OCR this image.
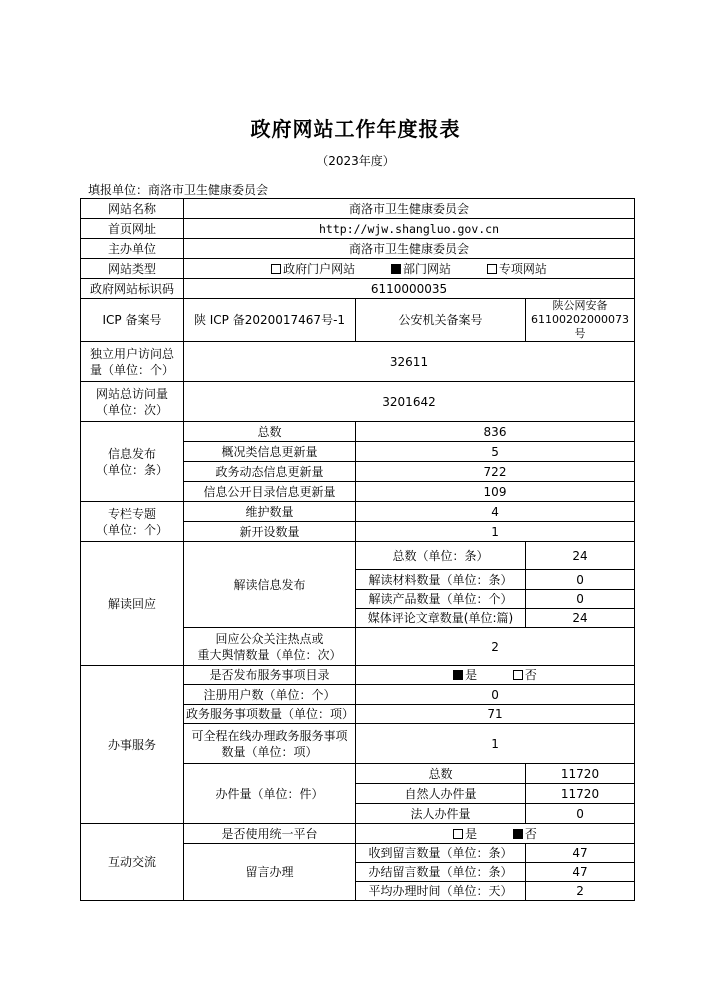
政府网站工作年度报表
（2023年度）
填报单位：商洛市卫生健康委员会
网站名称	商洛市卫生健康委员会		
首页网址	http://wjw.shangluo.gov.cn		
主办单位	商洛市卫生健康委员会		
网站类型	政府门户网站 部门网站 专项网站		
政府网站标识码	6110000035		
ICP 备案号	陕 ICP 备2020017467号-1	公安机关备案号	陕公网安备
61100202000073号
独立用户访问总
量（单位：个）	32611		
网站总访问量
（单位：次）	3201642		
信息发布
（单位：条）	总数	836	
	概况类信息更新量	5	
	政务动态信息更新量	722	
	信息公开目录信息更新量	109	
专栏专题
（单位：个）	维护数量	4	
	新开设数量	1	
解读回应	解读信息发布	总数（单位：条）	24
		解读材料数量（单位：条）	0
		解读产品数量（单位：个）	0
		媒体评论文章数量(单位:篇)	24
	回应公众关注热点或
重大舆情数量（单位：次）	2	
办事服务	是否发布服务事项目录	是 否	
	注册用户数（单位：个）	0	
	政务服务事项数量（单位：项）	71	
	可全程在线办理政务服务事项
数量（单位：项）	1	
	办件量（单位：件）	总数	11720
		自然人办件量	11720
		法人办件量	0
互动交流	是否使用统一平台	是 否	
	留言办理	收到留言数量（单位：条）	47
		办结留言数量（单位：条）	47
		平均办理时间（单位：天）	2
